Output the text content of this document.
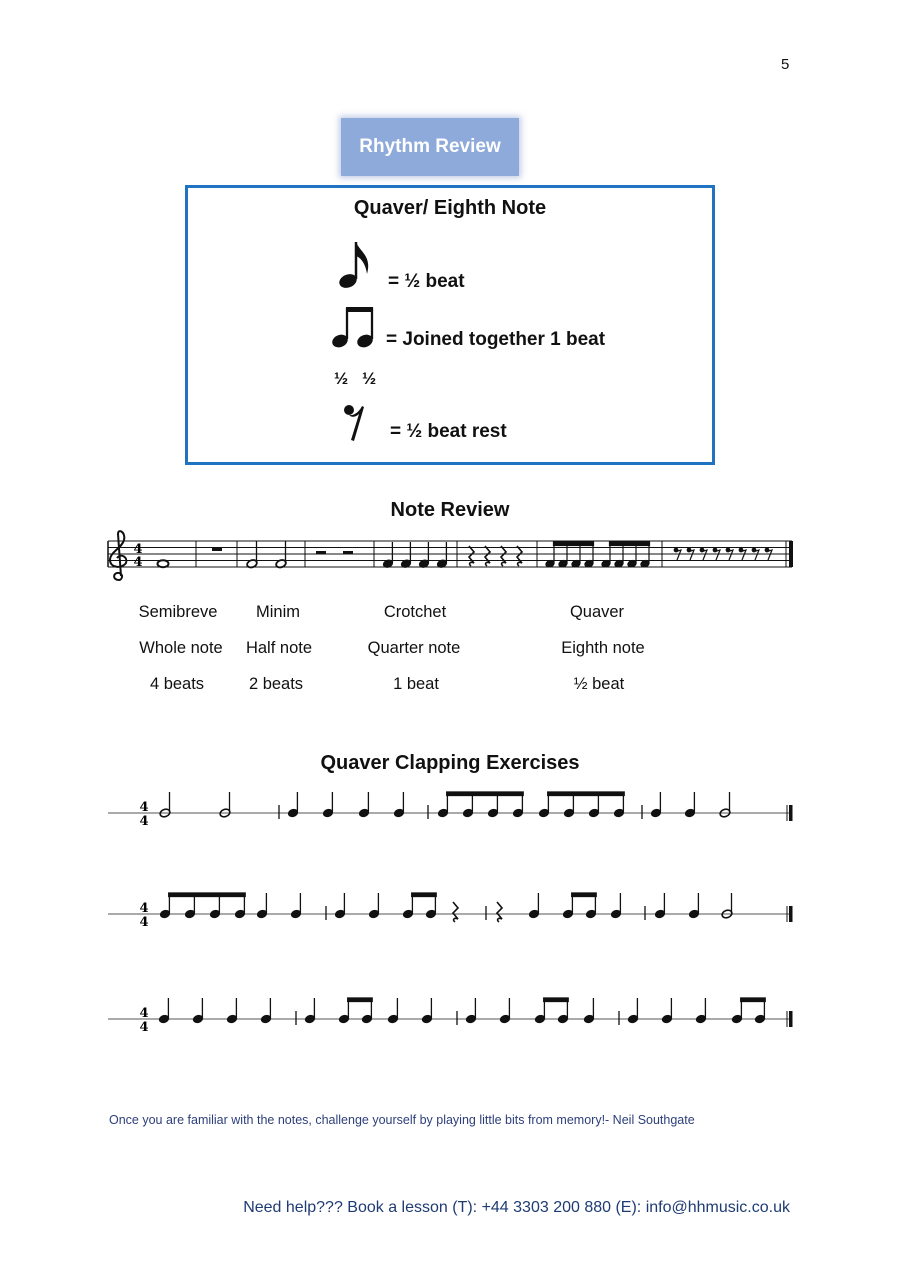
5
Rhythm Review
Quaver/ Eighth Note
= ½ beat
= Joined together 1 beat
½ ½
= ½ beat rest
Note Review
4
4
Semibreve	Minim	Crotchet	Quaver
Whole note	Half note	Quarter note	Eighth note
4 beats	2 beats	1 beat	½ beat
Quaver Clapping Exercises
4
4
4
4
4
4
Once you are familiar with the notes, challenge yourself by playing little bits from memory!- Neil Southgate
Need help??? Book a lesson (T): +44 3303 200 880 (E): info@hhmusic.co.uk
